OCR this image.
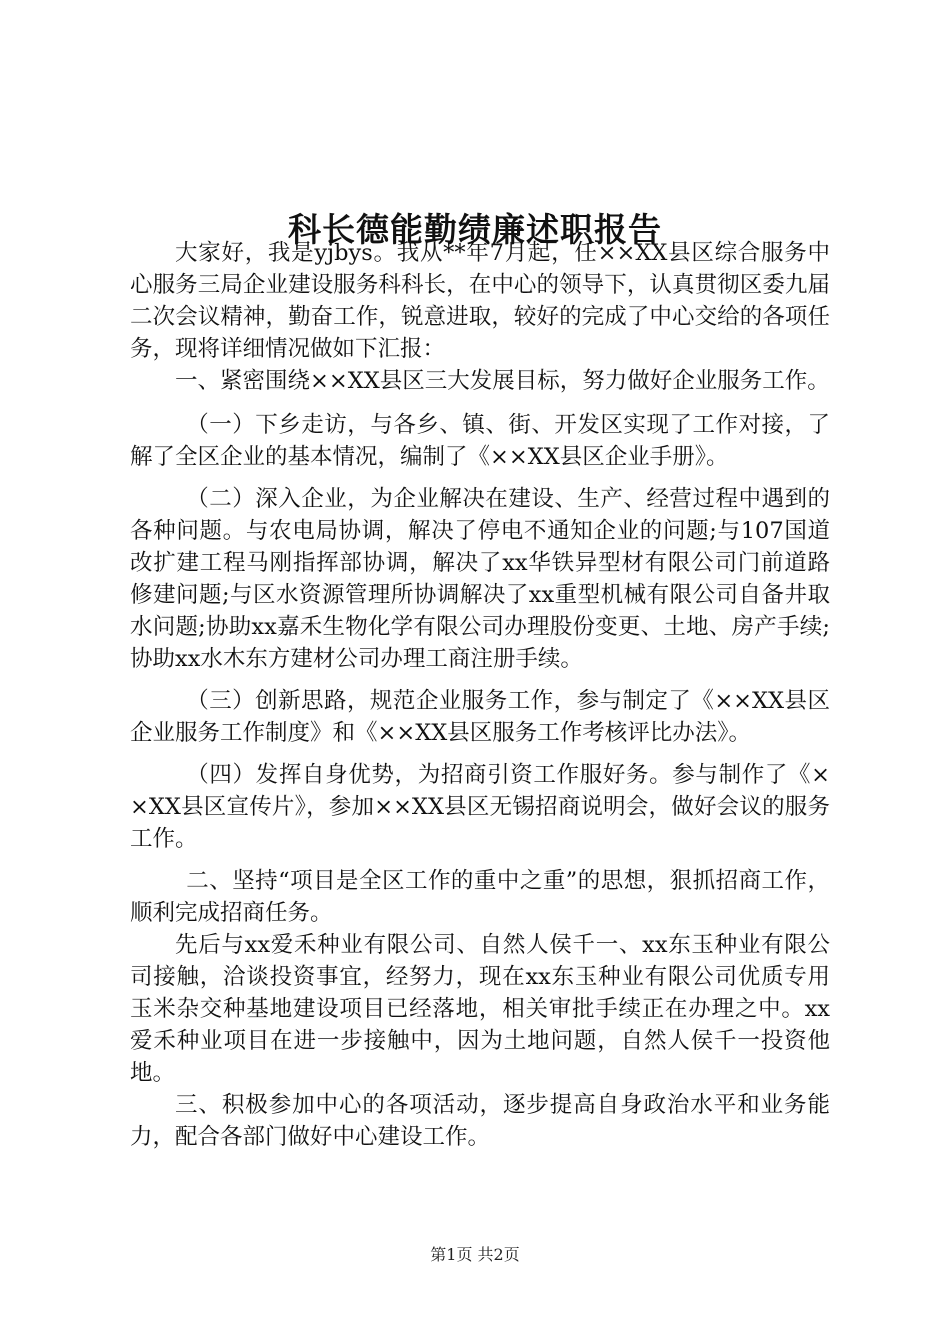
科长德能勤绩廉述职报告

大家好，我是yjbys。我从**年7月起，任××XX县区综合服务中心服务三局企业建设服务科科长，在中心的领导下，认真贯彻区委九届二次会议精神，勤奋工作，锐意进取，较好的完成了中心交给的各项任务，现将详细情况做如下汇报：

一、紧密围绕××XX县区三大发展目标，努力做好企业服务工作。

（一）下乡走访，与各乡、镇、街、开发区实现了工作对接，了解了全区企业的基本情况，编制了《××XX县区企业手册》。

（二）深入企业，为企业解决在建设、生产、经营过程中遇到的各种问题。与农电局协调，解决了停电不通知企业的问题;与107国道改扩建工程马刚指挥部协调，解决了xx华铁异型材有限公司门前道路修建问题;与区水资源管理所协调解决了xx重型机械有限公司自备井取水问题;协助xx嘉禾生物化学有限公司办理股份变更、土地、房产手续;协助xx水木东方建材公司办理工商注册手续。

（三）创新思路，规范企业服务工作，参与制定了《××XX县区企业服务工作制度》和《××XX县区服务工作考核评比办法》。

（四）发挥自身优势，为招商引资工作服好务。参与制作了《××XX县区宣传片》，参加××XX县区无锡招商说明会，做好会议的服务工作。

二、坚持“项目是全区工作的重中之重”的思想，狠抓招商工作，顺利完成招商任务。

先后与xx爱禾种业有限公司、自然人侯千一、xx东玉种业有限公司接触，洽谈投资事宜，经努力，现在xx东玉种业有限公司优质专用玉米杂交种基地建设项目已经落地，相关审批手续正在办理之中。xx爱禾种业项目在进一步接触中，因为土地问题，自然人侯千一投资他地。

三、积极参加中心的各项活动，逐步提高自身政治水平和业务能力，配合各部门做好中心建设工作。

第1页 共2页
